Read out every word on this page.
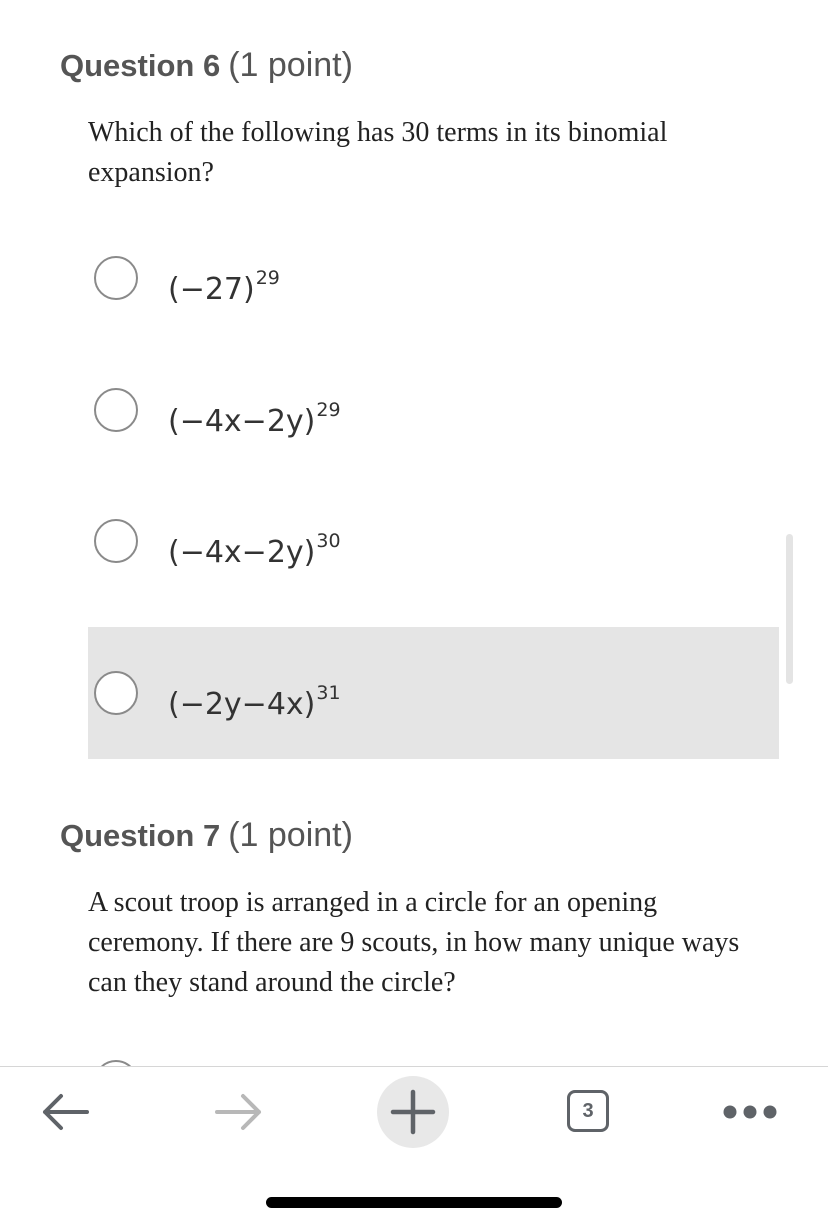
Question 6 (1 point)
Which of the following has 30 terms in its binomial expansion?
$(-27)^{29}$
$(-4x-2y)^{29}$
$(-4x-2y)^{30}$
$(-2y-4x)^{31}$
Question 7 (1 point)
A scout troop is arranged in a circle for an opening ceremony. If there are 9 scouts, in how many unique ways can they stand around the circle?
3
